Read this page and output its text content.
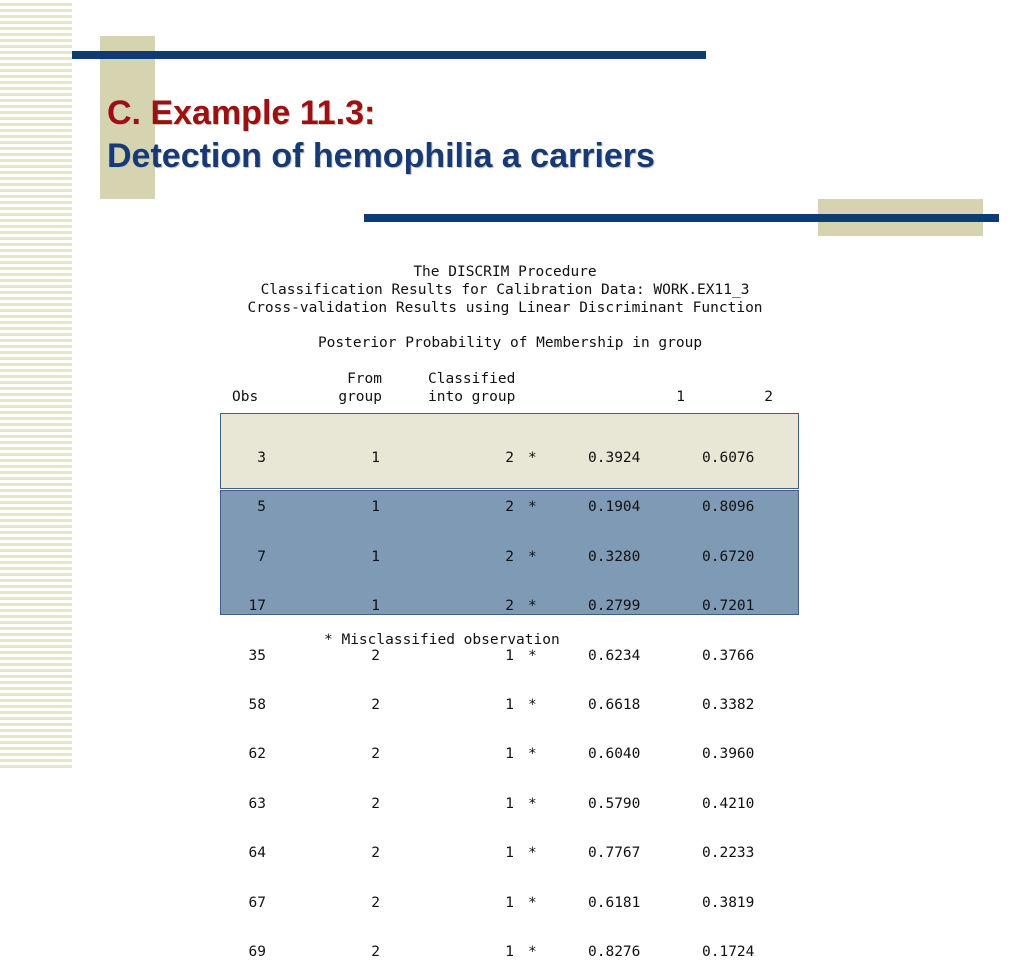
C. Example 11.3:
Detection of hemophilia a carriers
The DISCRIM Procedure
Classification Results for Calibration Data: WORK.EX11_3
Cross-validation Results using Linear Discriminant Function
Posterior Probability of Membership in group
From	Classified
Obs	group	into group	1	2

3	1	2 *	0.3924	0.6076

5	1	2 *	0.1904	0.8096

7	1	2 *	0.3280	0.6720

17	1	2 *	0.2799	0.7201

35	2	1 *	0.6234	0.3766

58	2	1 *	0.6618	0.3382

62	2	1 *	0.6040	0.3960

63	2	1 *	0.5790	0.4210

64	2	1 *	0.7767	0.2233

67	2	1 *	0.6181	0.3819

69	2	1 *	0.8276	0.1724

* Misclassified observation
